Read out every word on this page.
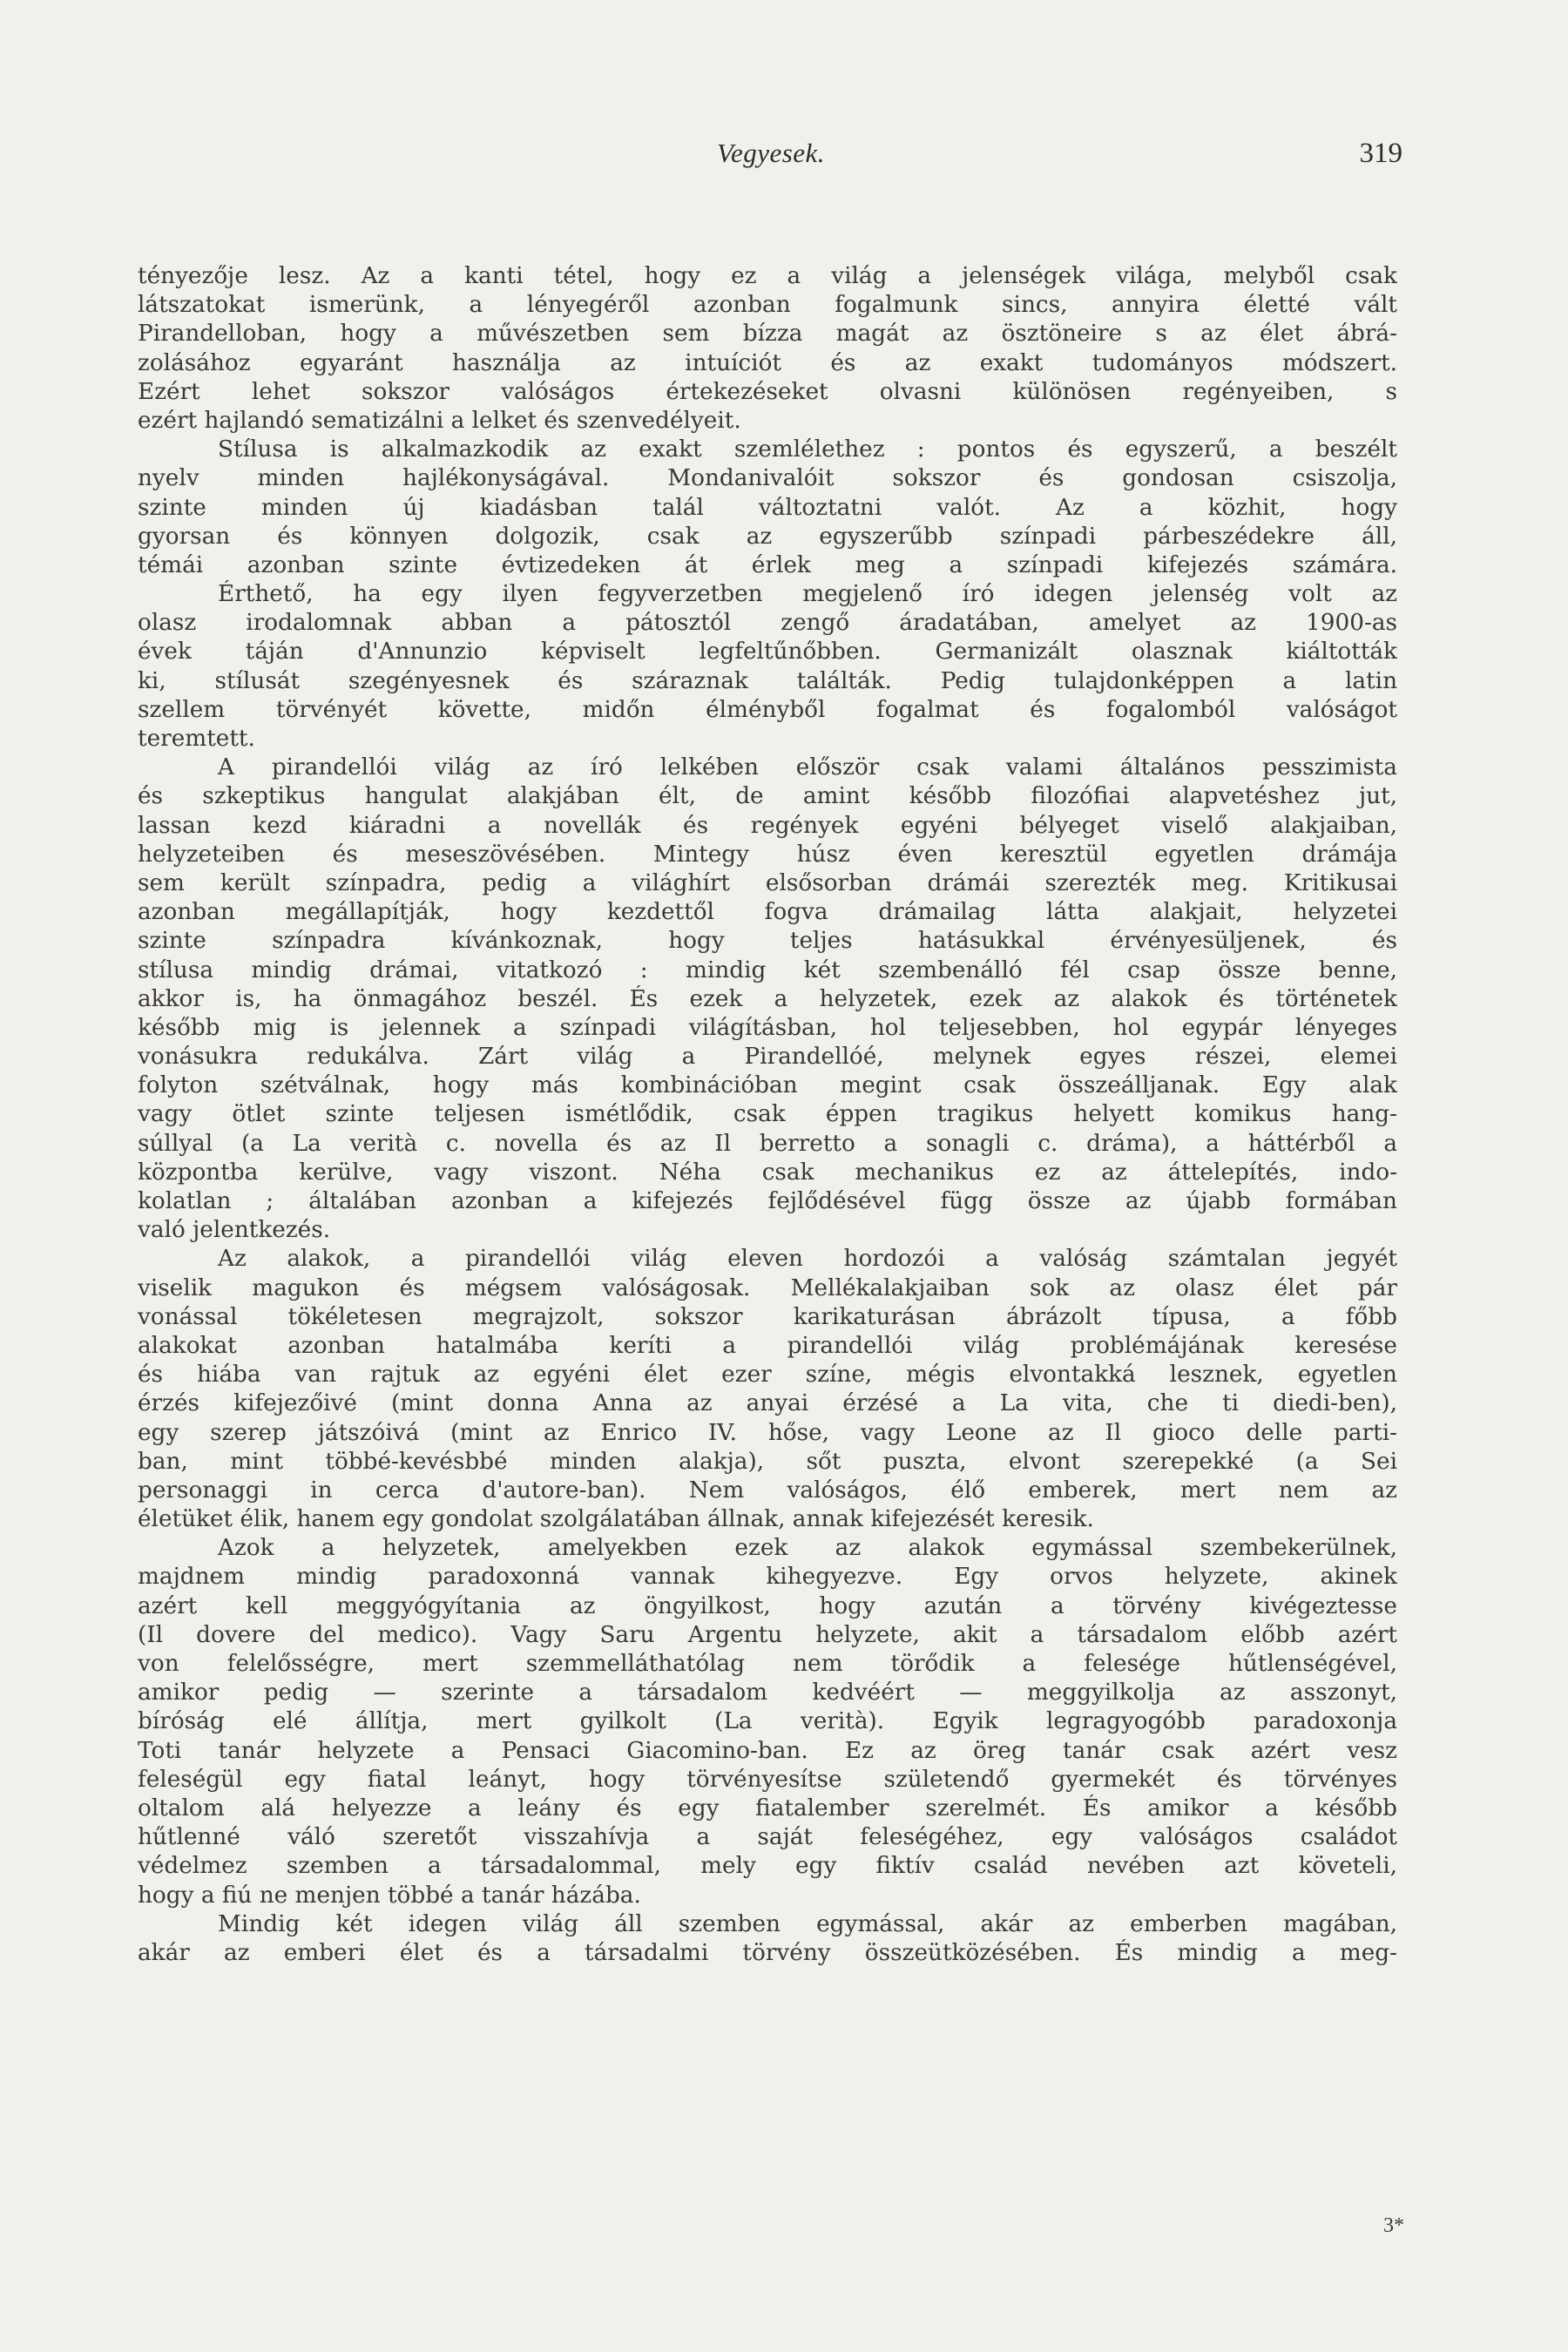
Vegyesek.	319
tényezője lesz. Az a kanti tétel, hogy ez a világ a jelenségek világa, melyből csak
látszatokat ismerünk, a lényegéről azonban fogalmunk sincs, annyira életté vált
Pirandelloban, hogy a művészetben sem bízza magát az ösztöneire s az élet ábrá-
zolásához egyaránt használja az intuíciót és az exakt tudományos módszert.
Ezért lehet sokszor valóságos értekezéseket olvasni különösen regényeiben, s
ezért hajlandó sematizálni a lelket és szenvedélyeit.
Stílusa is alkalmazkodik az exakt szemlélethez : pontos és egyszerű, a beszélt
nyelv minden hajlékonyságával. Mondanivalóit sokszor és gondosan csiszolja,
szinte minden új kiadásban talál változtatni valót. Az a közhit, hogy
gyorsan és könnyen dolgozik, csak az egyszerűbb színpadi párbeszédekre áll,
témái azonban szinte évtizedeken át érlek meg a színpadi kifejezés számára.
Érthető, ha egy ilyen fegyverzetben megjelenő író idegen jelenség volt az
olasz irodalomnak abban a pátosztól zengő áradatában, amelyet az 1900-as
évek táján d'Annunzio képviselt legfeltűnőbben. Germanizált olasznak kiáltották
ki, stílusát szegényesnek és száraznak találták. Pedig tulajdonképpen a latin
szellem törvényét követte, midőn élményből fogalmat és fogalomból valóságot
teremtett.
A pirandellói világ az író lelkében először csak valami általános pesszimista
és szkeptikus hangulat alakjában élt, de amint később filozófiai alapvetéshez jut,
lassan kezd kiáradni a novellák és regények egyéni bélyeget viselő alakjaiban,
helyzeteiben és meseszövésében. Mintegy húsz éven keresztül egyetlen drámája
sem került színpadra, pedig a világhírt elsősorban drámái szerezték meg. Kritikusai
azonban megállapítják, hogy kezdettől fogva drámailag látta alakjait, helyzetei
szinte színpadra kívánkoznak, hogy teljes hatásukkal érvényesüljenek, és
stílusa mindig drámai, vitatkozó : mindig két szembenálló fél csap össze benne,
akkor is, ha önmagához beszél. És ezek a helyzetek, ezek az alakok és történetek
később mig is jelennek a színpadi világításban, hol teljesebben, hol egypár lényeges
vonásukra redukálva. Zárt világ a Pirandellóé, melynek egyes részei, elemei
folyton szétválnak, hogy más kombinációban megint csak összeálljanak. Egy alak
vagy ötlet szinte teljesen ismétlődik, csak éppen tragikus helyett komikus hang-
súllyal (a La verità c. novella és az Il berretto a sonagli c. dráma), a háttérből a
központba kerülve, vagy viszont. Néha csak mechanikus ez az áttelepítés, indo-
kolatlan ; általában azonban a kifejezés fejlődésével függ össze az újabb formában
való jelentkezés.
Az alakok, a pirandellói világ eleven hordozói a valóság számtalan jegyét
viselik magukon és mégsem valóságosak. Mellékalakjaiban sok az olasz élet pár
vonással tökéletesen megrajzolt, sokszor karikaturásan ábrázolt típusa, a főbb
alakokat azonban hatalmába keríti a pirandellói világ problémájának keresése
és hiába van rajtuk az egyéni élet ezer színe, mégis elvontakká lesznek, egyetlen
érzés kifejezőivé (mint donna Anna az anyai érzésé a La vita, che ti diedi-ben),
egy szerep játszóivá (mint az Enrico IV. hőse, vagy Leone az Il gioco delle parti-
ban, mint többé-kevésbbé minden alakja), sőt puszta, elvont szerepekké (a Sei
personaggi in cerca d'autore-ban). Nem valóságos, élő emberek, mert nem az
életüket élik, hanem egy gondolat szolgálatában állnak, annak kifejezését keresik.
Azok a helyzetek, amelyekben ezek az alakok egymással szembekerülnek,
majdnem mindig paradoxonná vannak kihegyezve. Egy orvos helyzete, akinek
azért kell meggyógyítania az öngyilkost, hogy azután a törvény kivégeztesse
(Il dovere del medico). Vagy Saru Argentu helyzete, akit a társadalom előbb azért
von felelősségre, mert szemmelláthatólag nem törődik a felesége hűtlenségével,
amikor pedig — szerinte a társadalom kedvéért — meggyilkolja az asszonyt,
bíróság elé állítja, mert gyilkolt (La verità). Egyik legragyogóbb paradoxonja
Toti tanár helyzete a Pensaci Giacomino-ban. Ez az öreg tanár csak azért vesz
feleségül egy fiatal leányt, hogy törvényesítse születendő gyermekét és törvényes
oltalom alá helyezze a leány és egy fiatalember szerelmét. És amikor a később
hűtlenné váló szeretőt visszahívja a saját feleségéhez, egy valóságos családot
védelmez szemben a társadalommal, mely egy fiktív család nevében azt követeli,
hogy a fiú ne menjen többé a tanár házába.
Mindig két idegen világ áll szemben egymással, akár az emberben magában,
akár az emberi élet és a társadalmi törvény összeütközésében. És mindig a meg-
3*
